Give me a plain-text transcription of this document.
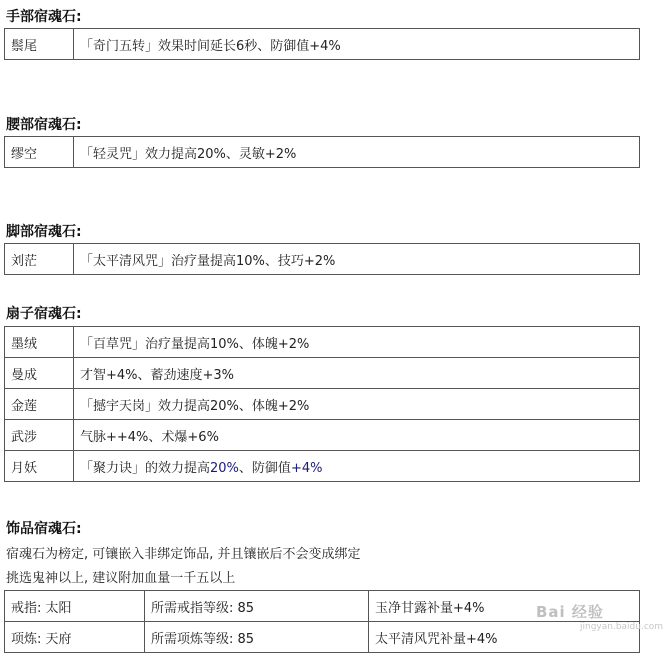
手部宿魂石:
鬃尾	「奇门五转」效果时间延长6秒、防御值+4%
腰部宿魂石:
缪空	「轻灵咒」效力提高20%、灵敏+2%
脚部宿魂石:
刘茫	「太平清风咒」治疗量提高10%、技巧+2%
扇子宿魂石:
墨绒	「百草咒」治疗量提高10%、体魄+2%
曼成	才智+4%、蓄劲速度+3%
金莲	「撼宇天岗」效力提高20%、体魄+2%
武涉	气脉++4%、术爆+6%
月妖	「聚力诀」的效力提高20%、防御值+4%
饰品宿魂石:
宿魂石为榜定, 可镶嵌入非绑定饰品, 并且镶嵌后不会变成绑定
挑选鬼神以上, 建议附加血量一千五以上
戒指: 太阳	所需戒指等级: 85	玉净甘露补量+4%
项炼: 天府	所需项炼等级: 85	太平清风咒补量+4%
Bai 经验
jingyan.baidu.com
